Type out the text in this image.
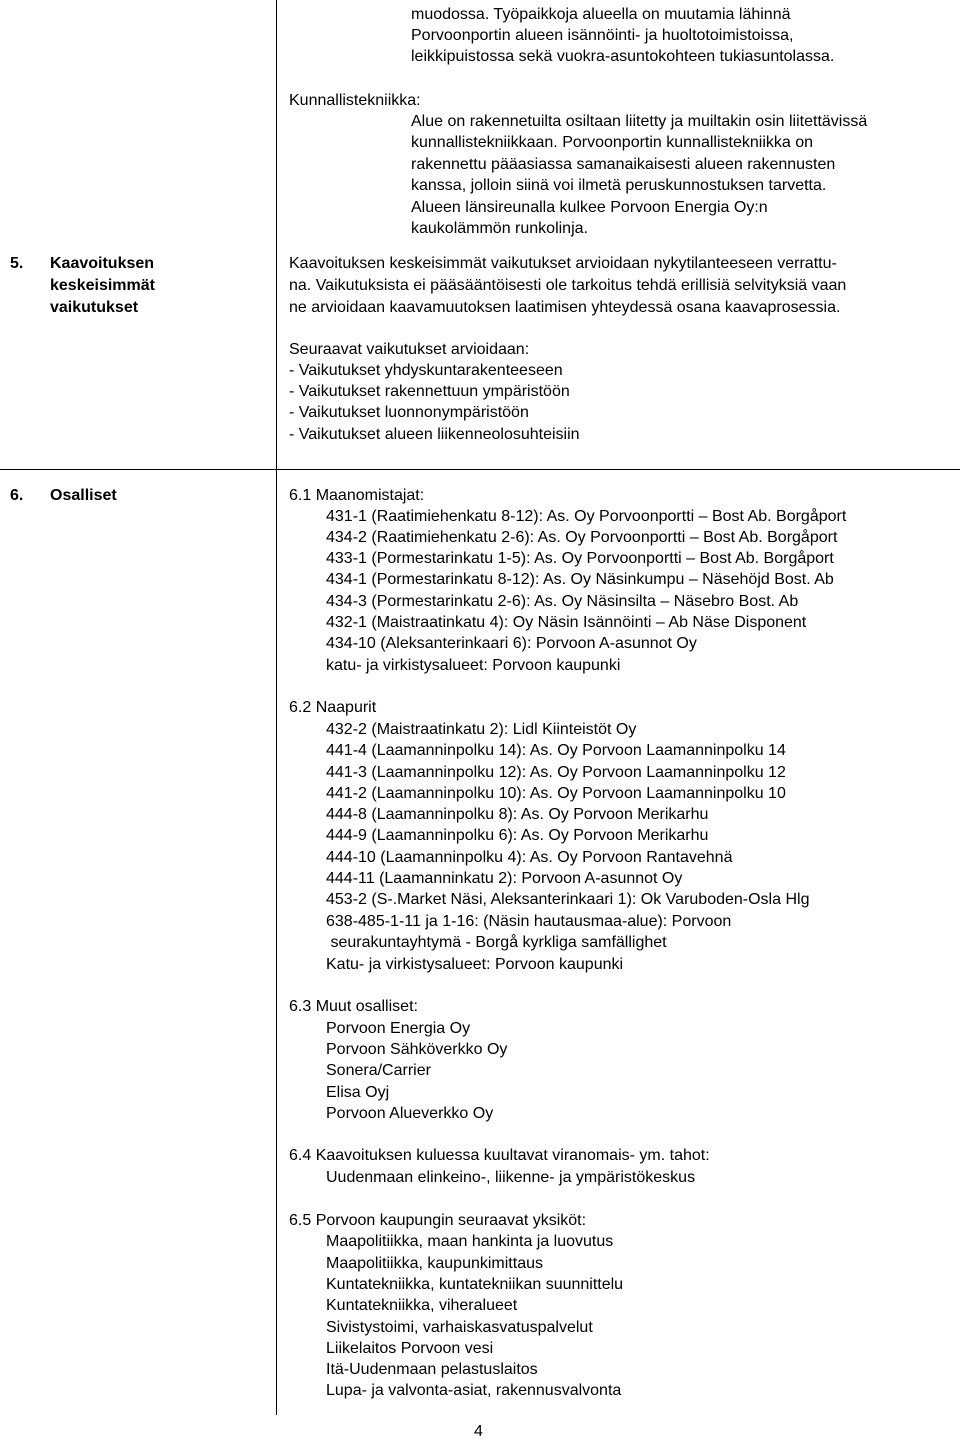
muodossa. Työpaikkoja alueella on muutamia lähinnä
Porvoonportin alueen isännöinti- ja huoltotoimistoissa,
leikkipuistossa sekä vuokra-asuntokohteen tukiasuntolassa.
Kunnallistekniikka:
Alue on rakennetuilta osiltaan liitetty ja muiltakin osin liitettävissä
kunnallistekniikkaan. Porvoonportin kunnallistekniikka on
rakennettu pääasiassa samanaikaisesti alueen rakennusten
kanssa, jolloin siinä voi ilmetä peruskunnostuksen tarvetta.
Alueen länsireunalla kulkee Porvoon Energia Oy:n
kaukolämmön runkolinja.
5. Kaavoituksen
keskeisimmät
vaikutukset
Kaavoituksen keskeisimmät vaikutukset arvioidaan nykytilanteeseen verrattu-
na. Vaikutuksista ei pääsääntöisesti ole tarkoitus tehdä erillisiä selvityksiä vaan
ne arvioidaan kaavamuutoksen laatimisen yhteydessä osana kaavaprosessia.
Seuraavat vaikutukset arvioidaan:
- Vaikutukset yhdyskuntarakenteeseen
- Vaikutukset rakennettuun ympäristöön
- Vaikutukset luonnonympäristöön
- Vaikutukset alueen liikenneolosuhteisiin
6. Osalliset	6.1 Maanomistajat:
431-1 (Raatimiehenkatu 8-12): As. Oy Porvoonportti – Bost Ab. Borgåport
434-2 (Raatimiehenkatu 2-6): As. Oy Porvoonportti – Bost Ab. Borgåport
433-1 (Pormestarinkatu 1-5): As. Oy Porvoonportti – Bost Ab. Borgåport
434-1 (Pormestarinkatu 8-12): As. Oy Näsinkumpu – Näsehöjd Bost. Ab
434-3 (Pormestarinkatu 2-6): As. Oy Näsinsilta – Näsebro Bost. Ab
432-1 (Maistraatinkatu 4): Oy Näsin Isännöinti – Ab Näse Disponent
434-10 (Aleksanterinkaari 6): Porvoon A-asunnot Oy
katu- ja virkistysalueet: Porvoon kaupunki
6.2 Naapurit
432-2 (Maistraatinkatu 2): Lidl Kiinteistöt Oy
441-4 (Laamanninpolku 14): As. Oy Porvoon Laamanninpolku 14
441-3 (Laamanninpolku 12): As. Oy Porvoon Laamanninpolku 12
441-2 (Laamanninpolku 10): As. Oy Porvoon Laamanninpolku 10
444-8 (Laamanninpolku 8): As. Oy Porvoon Merikarhu
444-9 (Laamanninpolku 6): As. Oy Porvoon Merikarhu
444-10 (Laamanninpolku 4): As. Oy Porvoon Rantavehnä
444-11 (Laamanninkatu 2): Porvoon A-asunnot Oy
453-2 (S-.Market Näsi, Aleksanterinkaari 1): Ok Varuboden-Osla Hlg
638-485-1-11 ja 1-16: (Näsin hautausmaa-alue): Porvoon
seurakuntayhtymä - Borgå kyrkliga samfällighet
Katu- ja virkistysalueet: Porvoon kaupunki
6.3 Muut osalliset:
Porvoon Energia Oy
Porvoon Sähköverkko Oy
Sonera/Carrier
Elisa Oyj
Porvoon Alueverkko Oy
6.4 Kaavoituksen kuluessa kuultavat viranomais- ym. tahot:
Uudenmaan elinkeino-, liikenne- ja ympäristökeskus
6.5 Porvoon kaupungin seuraavat yksiköt:
Maapolitiikka, maan hankinta ja luovutus
Maapolitiikka, kaupunkimittaus
Kuntatekniikka, kuntatekniikan suunnittelu
Kuntatekniikka, viheralueet
Sivistystoimi, varhaiskasvatuspalvelut
Liikelaitos Porvoon vesi
Itä-Uudenmaan pelastuslaitos
Lupa- ja valvonta-asiat, rakennusvalvonta
4
